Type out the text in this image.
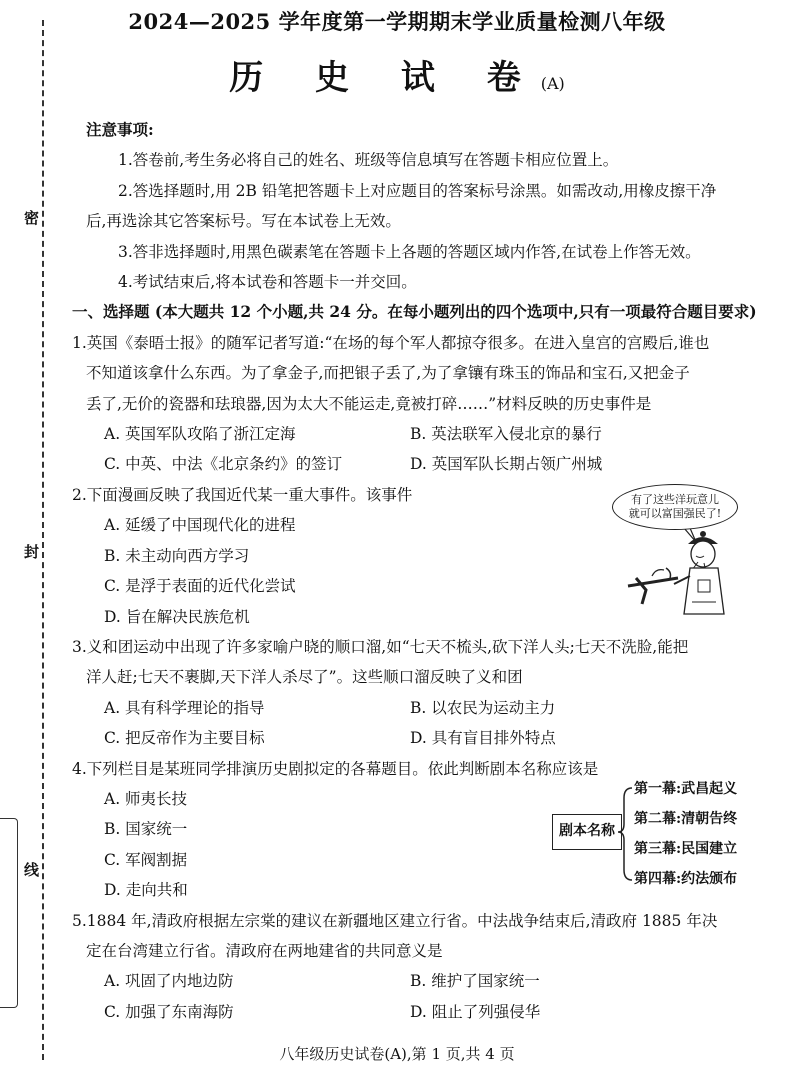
密
封
线
2024—2025 学年度第一学期期末学业质量检测八年级
历 史 试 卷(A)
注意事项:
1.答卷前,考生务必将自己的姓名、班级等信息填写在答题卡相应位置上。
2.答选择题时,用 2B 铅笔把答题卡上对应题目的答案标号涂黑。如需改动,用橡皮擦干净
后,再选涂其它答案标号。写在本试卷上无效。
3.答非选择题时,用黑色碳素笔在答题卡上各题的答题区域内作答,在试卷上作答无效。
4.考试结束后,将本试卷和答题卡一并交回。
一、选择题 (本大题共 12 个小题,共 24 分。在每小题列出的四个选项中,只有一项最符合题目要求)
1.英国《泰晤士报》的随军记者写道:“在场的每个军人都掠夺很多。在进入皇宫的宫殿后,谁也
不知道该拿什么东西。为了拿金子,而把银子丢了,为了拿镶有珠玉的饰品和宝石,又把金子
丢了,无价的瓷器和珐琅器,因为太大不能运走,竟被打碎……”材料反映的历史事件是
A. 英国军队攻陷了浙江定海	B. 英法联军入侵北京的暴行
C. 中英、中法《北京条约》的签订	D. 英国军队长期占领广州城
2.下面漫画反映了我国近代某一重大事件。该事件
A. 延缓了中国现代化的进程
B. 未主动向西方学习
C. 是浮于表面的近代化尝试
D. 旨在解决民族危机
3.义和团运动中出现了许多家喻户晓的顺口溜,如“七天不梳头,砍下洋人头;七天不洗脸,能把
洋人赶;七天不裹脚,天下洋人杀尽了”。这些顺口溜反映了义和团
A. 具有科学理论的指导	B. 以农民为运动主力
C. 把反帝作为主要目标	D. 具有盲目排外特点
4.下列栏目是某班同学排演历史剧拟定的各幕题目。依此判断剧本名称应该是
A. 师夷长技
B. 国家统一
C. 军阀割据
D. 走向共和
5.1884 年,清政府根据左宗棠的建议在新疆地区建立行省。中法战争结束后,清政府 1885 年决
定在台湾建立行省。清政府在两地建省的共同意义是
A. 巩固了内地边防	B. 维护了国家统一
C. 加强了东南海防	D. 阻止了列强侵华
有了这些洋玩意儿
就可以富国强民了!
剧本名称
第一幕:武昌起义
第二幕:清朝告终
第三幕:民国建立
第四幕:约法颁布
八年级历史试卷(A),第 1 页,共 4 页
